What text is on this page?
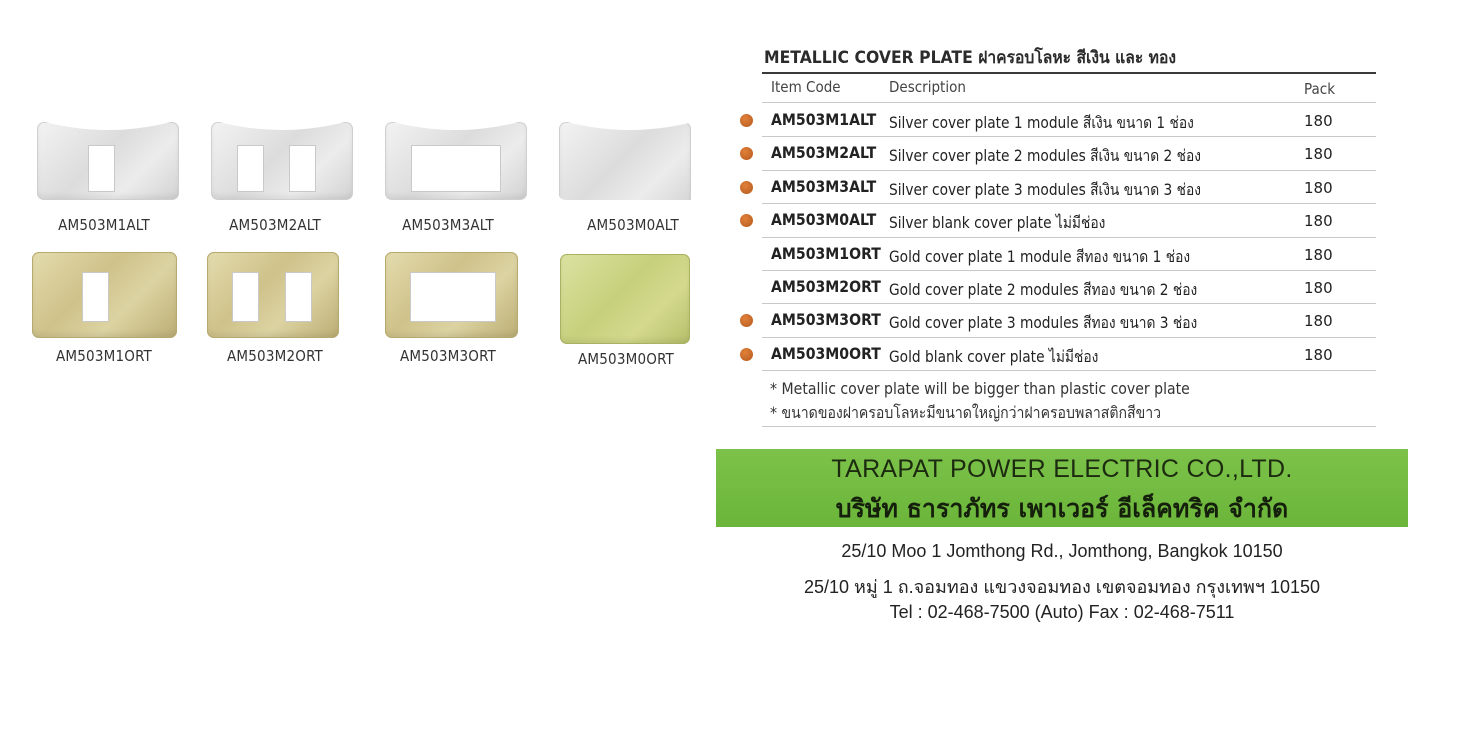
AM503M1ALT	AM503M2ALT	AM503M3ALT	AM503M0ALT
AM503M1ORT	AM503M2ORT	AM503M3ORT	AM503M0ORT
METALLIC COVER PLATE ฝาครอบโลหะ สีเงิน และ ทอง
Item Code	Description	Pack
AM503M1ALT Silver cover plate 1 module สีเงิน ขนาด 1 ช่อง	180
AM503M2ALT Silver cover plate 2 modules สีเงิน ขนาด 2 ช่อง	180
AM503M3ALT Silver cover plate 3 modules สีเงิน ขนาด 3 ช่อง	180
AM503M0ALT Silver blank cover plate ไม่มีช่อง	180
AM503M1ORT Gold cover plate 1 module สีทอง ขนาด 1 ช่อง	180
AM503M2ORT Gold cover plate 2 modules สีทอง ขนาด 2 ช่อง	180
AM503M3ORT Gold cover plate 3 modules สีทอง ขนาด 3 ช่อง	180
AM503M0ORT Gold blank cover plate ไม่มีช่อง	180
* Metallic cover plate will be bigger than plastic cover plate
* ขนาดของฝาครอบโลหะมีขนาดใหญ่กว่าฝาครอบพลาสติกสีขาว
TARAPAT POWER ELECTRIC CO.,LTD.
บริษัท ธาราภัทร เพาเวอร์ อีเล็คทริค จำกัด
25/10 Moo 1 Jomthong Rd., Jomthong, Bangkok 10150
25/10 หมู่ 1 ถ.จอมทอง แขวงจอมทอง เขตจอมทอง กรุงเทพฯ 10150
Tel : 02-468-7500 (Auto) Fax : 02-468-7511
